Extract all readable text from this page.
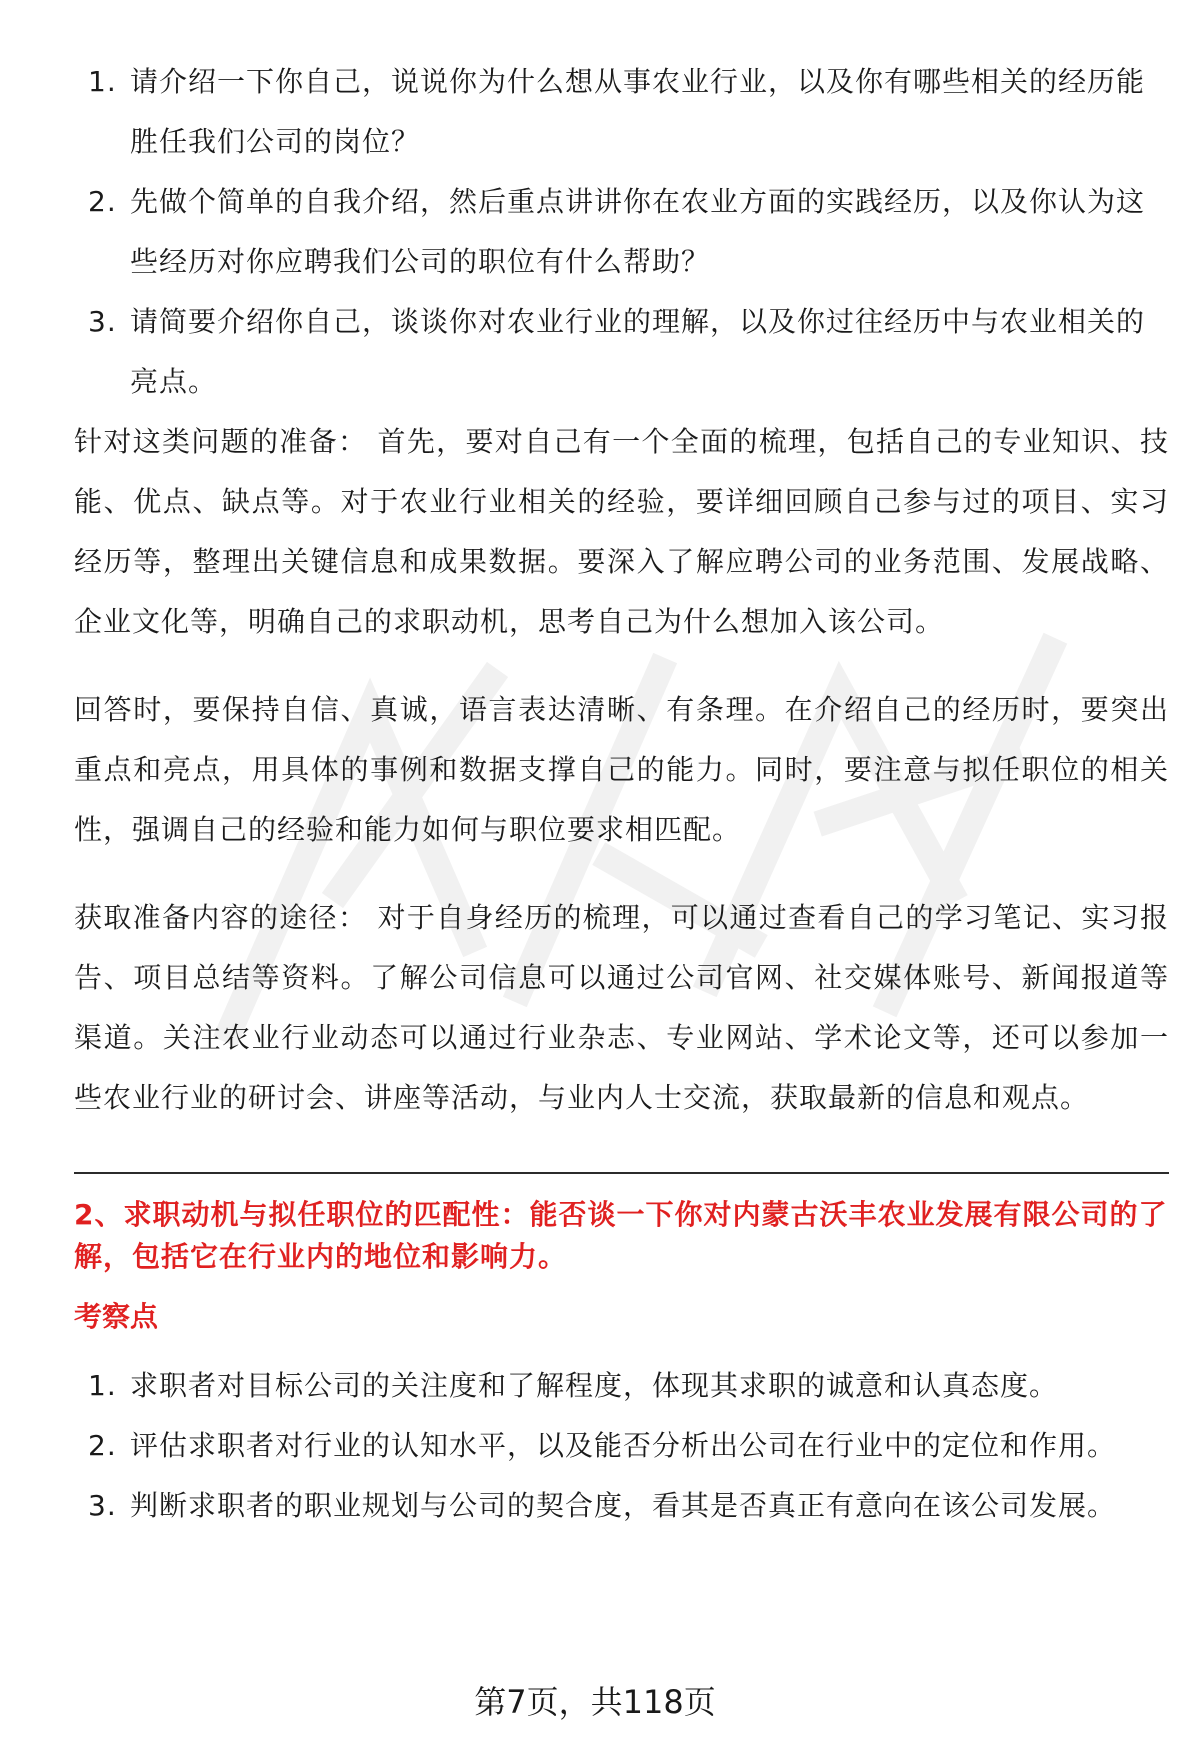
1. 请介绍一下你自己，说说你为什么想从事农业行业，以及你有哪些相关的经历能胜任我们公司的岗位？
2. 先做个简单的自我介绍，然后重点讲讲你在农业方面的实践经历，以及你认为这些经历对你应聘我们公司的职位有什么帮助？
3. 请简要介绍你自己，谈谈你对农业行业的理解，以及你过往经历中与农业相关的亮点。

针对这类问题的准备： 首先，要对自己有一个全面的梳理，包括自己的专业知识、技能、优点、缺点等。对于农业行业相关的经验，要详细回顾自己参与过的项目、实习经历等，整理出关键信息和成果数据。要深入了解应聘公司的业务范围、发展战略、企业文化等，明确自己的求职动机，思考自己为什么想加入该公司。

回答时，要保持自信、真诚，语言表达清晰、有条理。在介绍自己的经历时，要突出重点和亮点，用具体的事例和数据支撑自己的能力。同时，要注意与拟任职位的相关性，强调自己的经验和能力如何与职位要求相匹配。

获取准备内容的途径： 对于自身经历的梳理，可以通过查看自己的学习笔记、实习报告、项目总结等资料。了解公司信息可以通过公司官网、社交媒体账号、新闻报道等渠道。关注农业行业动态可以通过行业杂志、专业网站、学术论文等，还可以参加一些农业行业的研讨会、讲座等活动，与业内人士交流，获取最新的信息和观点。

2、求职动机与拟任职位的匹配性：能否谈一下你对内蒙古沃丰农业发展有限公司的了解，包括它在行业内的地位和影响力。
考察点
1. 求职者对目标公司的关注度和了解程度，体现其求职的诚意和认真态度。
2. 评估求职者对行业的认知水平，以及能否分析出公司在行业中的定位和作用。
3. 判断求职者的职业规划与公司的契合度，看其是否真正有意向在该公司发展。
第7页，共118页
